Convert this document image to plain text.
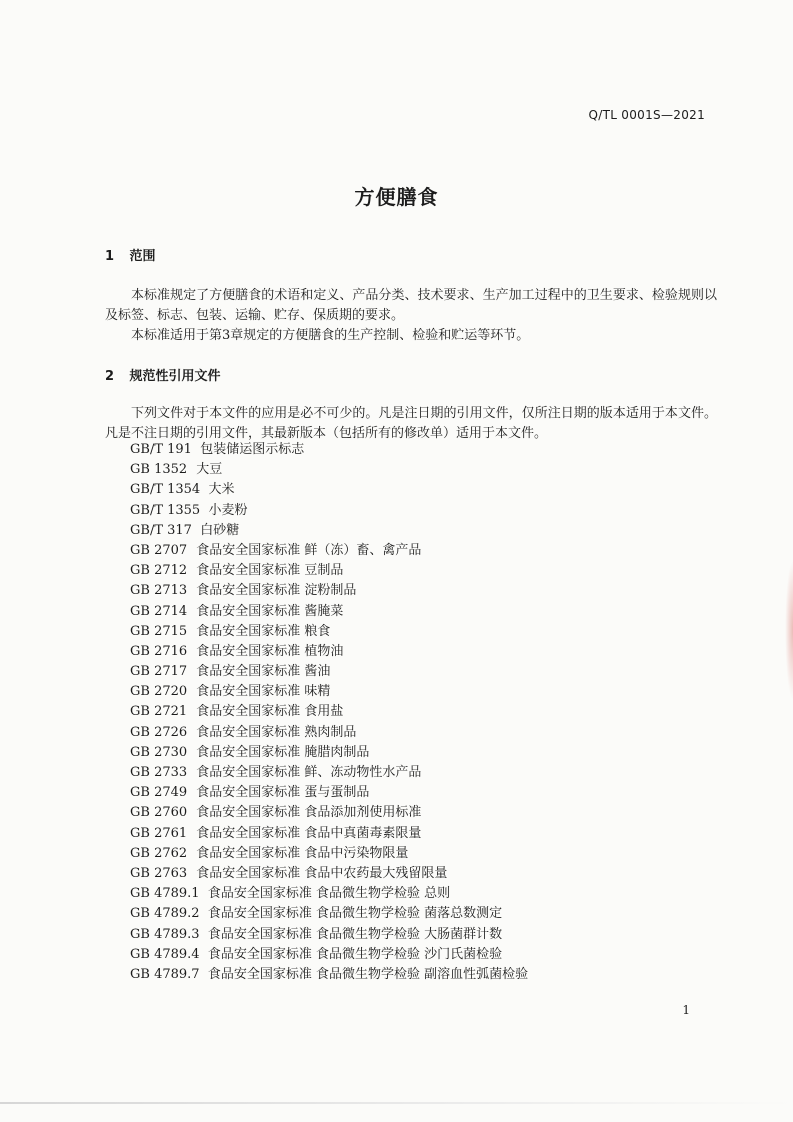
Q/TL 0001S—2021
方便膳食
1 范围

本标准规定了方便膳食的术语和定义、产品分类、技术要求、生产加工过程中的卫生要求、检验规则以及标签、标志、包装、运输、贮存、保质期的要求。

本标准适用于第3章规定的方便膳食的生产控制、检验和贮运等环节。

2 规范性引用文件

下列文件对于本文件的应用是必不可少的。凡是注日期的引用文件，仅所注日期的版本适用于本文件。凡是不注日期的引用文件，其最新版本（包括所有的修改单）适用于本文件。

GB/T 191 包装储运图示标志
GB 1352 大豆
GB/T 1354 大米
GB/T 1355 小麦粉
GB/T 317 白砂糖
GB 2707 食品安全国家标准 鲜（冻）畜、禽产品
GB 2712 食品安全国家标准 豆制品
GB 2713 食品安全国家标准 淀粉制品
GB 2714 食品安全国家标准 酱腌菜
GB 2715 食品安全国家标准 粮食
GB 2716 食品安全国家标准 植物油
GB 2717 食品安全国家标准 酱油
GB 2720 食品安全国家标准 味精
GB 2721 食品安全国家标准 食用盐
GB 2726 食品安全国家标准 熟肉制品
GB 2730 食品安全国家标准 腌腊肉制品
GB 2733 食品安全国家标准 鲜、冻动物性水产品
GB 2749 食品安全国家标准 蛋与蛋制品
GB 2760 食品安全国家标准 食品添加剂使用标准
GB 2761 食品安全国家标准 食品中真菌毒素限量
GB 2762 食品安全国家标准 食品中污染物限量
GB 2763 食品安全国家标准 食品中农药最大残留限量
GB 4789.1 食品安全国家标准 食品微生物学检验 总则
GB 4789.2 食品安全国家标准 食品微生物学检验 菌落总数测定
GB 4789.3 食品安全国家标准 食品微生物学检验 大肠菌群计数
GB 4789.4 食品安全国家标准 食品微生物学检验 沙门氏菌检验
GB 4789.7 食品安全国家标准 食品微生物学检验 副溶血性弧菌检验
1
